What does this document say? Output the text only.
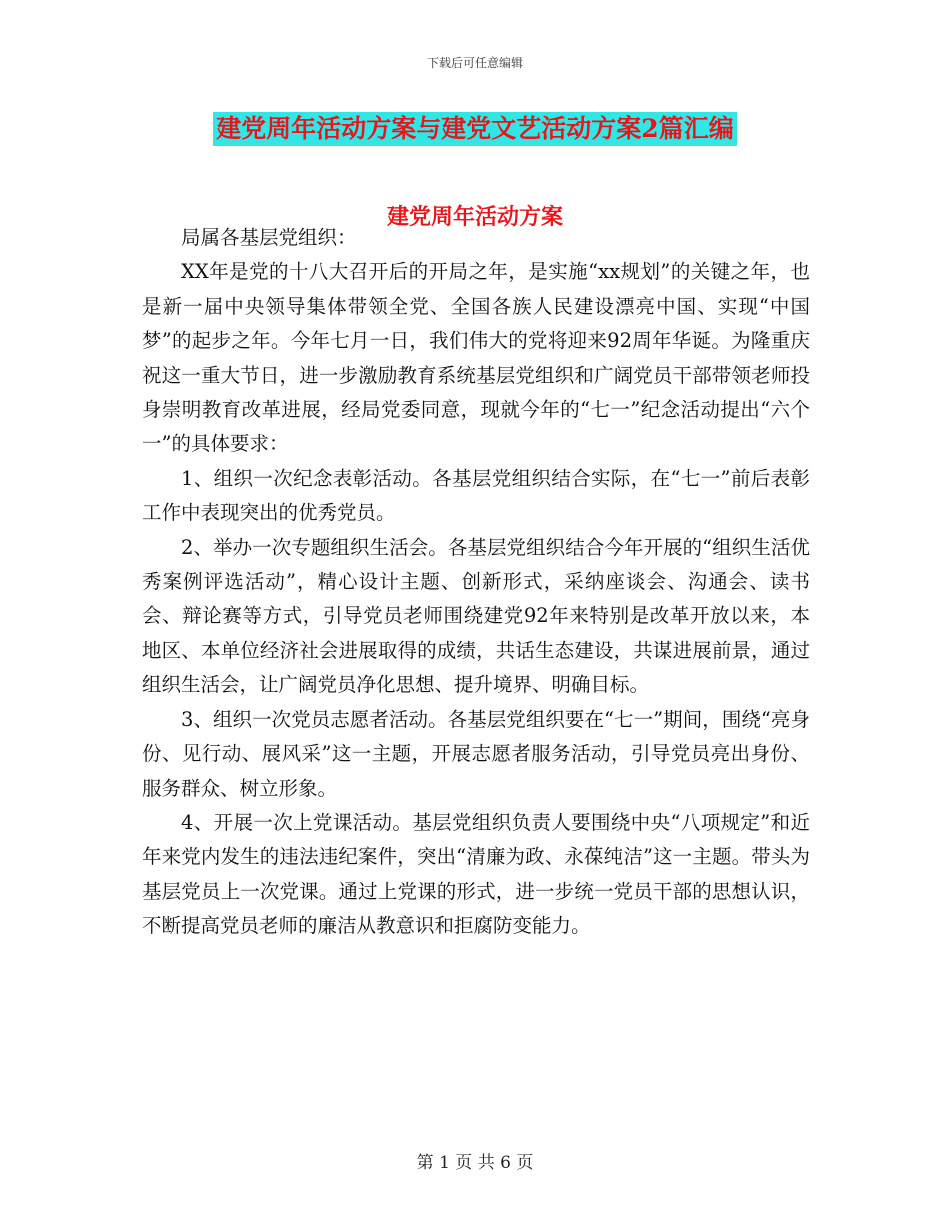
下载后可任意编辑
建党周年活动方案与建党文艺活动方案2篇汇编
建党周年活动方案

局属各基层党组织：

XX年是党的十八大召开后的开局之年，是实施“xx规划”的关键之年，也是新一届中央领导集体带领全党、全国各族人民建设漂亮中国、实现“中国梦”的起步之年。今年七月一日，我们伟大的党将迎来92周年华诞。为隆重庆祝这一重大节日，进一步激励教育系统基层党组织和广阔党员干部带领老师投身崇明教育改革进展，经局党委同意，现就今年的“七一”纪念活动提出“六个一”的具体要求：

1、组织一次纪念表彰活动。各基层党组织结合实际，在“七一”前后表彰工作中表现突出的优秀党员。

2、举办一次专题组织生活会。各基层党组织结合今年开展的“组织生活优秀案例评选活动”，精心设计主题、创新形式，采纳座谈会、沟通会、读书会、辩论赛等方式，引导党员老师围绕建党92年来特别是改革开放以来，本地区、本单位经济社会进展取得的成绩，共话生态建设，共谋进展前景，通过组织生活会，让广阔党员净化思想、提升境界、明确目标。

3、组织一次党员志愿者活动。各基层党组织要在“七一”期间，围绕“亮身份、见行动、展风采”这一主题，开展志愿者服务活动，引导党员亮出身份、服务群众、树立形象。

4、开展一次上党课活动。基层党组织负责人要围绕中央“八项规定”和近年来党内发生的违法违纪案件，突出“清廉为政、永葆纯洁”这一主题。带头为基层党员上一次党课。通过上党课的形式，进一步统一党员干部的思想认识，不断提高党员老师的廉洁从教意识和拒腐防变能力。

第 1 页 共 6 页
